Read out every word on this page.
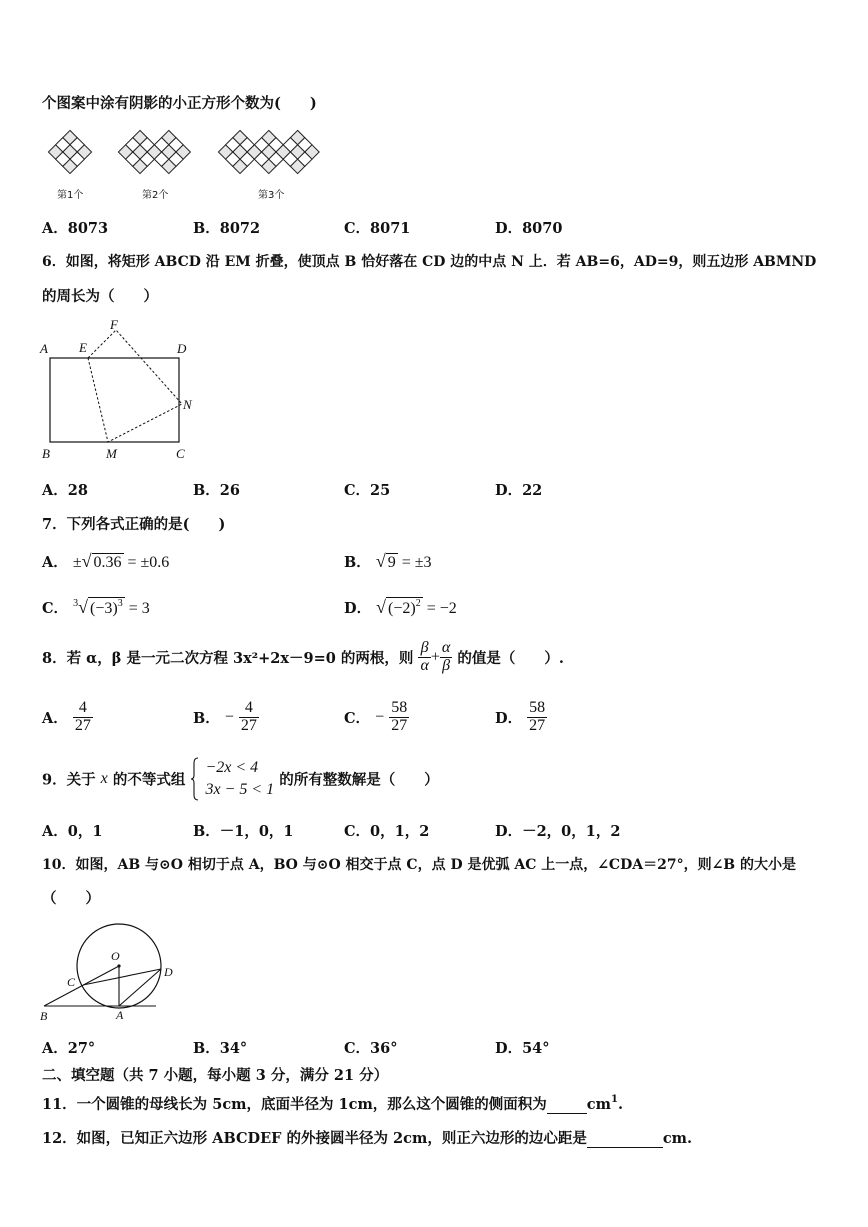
个图案中涂有阴影的小正方形个数为(　　)
第1个	第2个	第3个
A．8073	B．8072	C．8071	D．8070
6．如图，将矩形 ABCD 沿 EM 折叠，使顶点 B 恰好落在 CD 边的中点 N 上．若 AB=6，AD=9，则五边形 ABMND
的周长为（　　）
A E
F
D
N
B	M	C
A．28	B．26	C．25	D．22
7．下列各式正确的是(　　)
A． ±√ 0.36 = ±0.6	B． √ 9 = ±3
C． $^3$√ $(-3)^3 = 3$	D． √ $(-2)^2 = -2$
8．若 α，β 是一元二次方程 3x²+2x－9=0 的两根，则 $\frac{\beta}{\alpha} + \frac{\alpha}{\beta}$ 的值是（　　）.
A． $\frac{4}{27}$	B． − $\frac{4}{27}$	C． − $\frac{58}{27}$	D． $\frac{58}{27}$
9．关于 x 的不等式组
−2x < 4
3x − 5 < 1
的所有整数解是（　　）
A．0，1	B．－1，0，1	C．0，1，2	D．－2，0，1，2
10．如图，AB 与⊙O 相切于点 A，BO 与⊙O 相交于点 C，点 D 是优弧 AC 上一点，∠CDA＝27°，则∠B 的大小是
（　　）
O
C
D
B	A
A．27°	B．34°	C．36°	D．54°
二、填空题（共 7 小题，每小题 3 分，满分 21 分）
11．一个圆锥的母线长为 5cm，底面半径为 1cm，那么这个圆锥的侧面积为	$cm^1$.
12．如图，已知正六边形 ABCDEF 的外接圆半径为 2cm，则正六边形的边心距是	cm.
